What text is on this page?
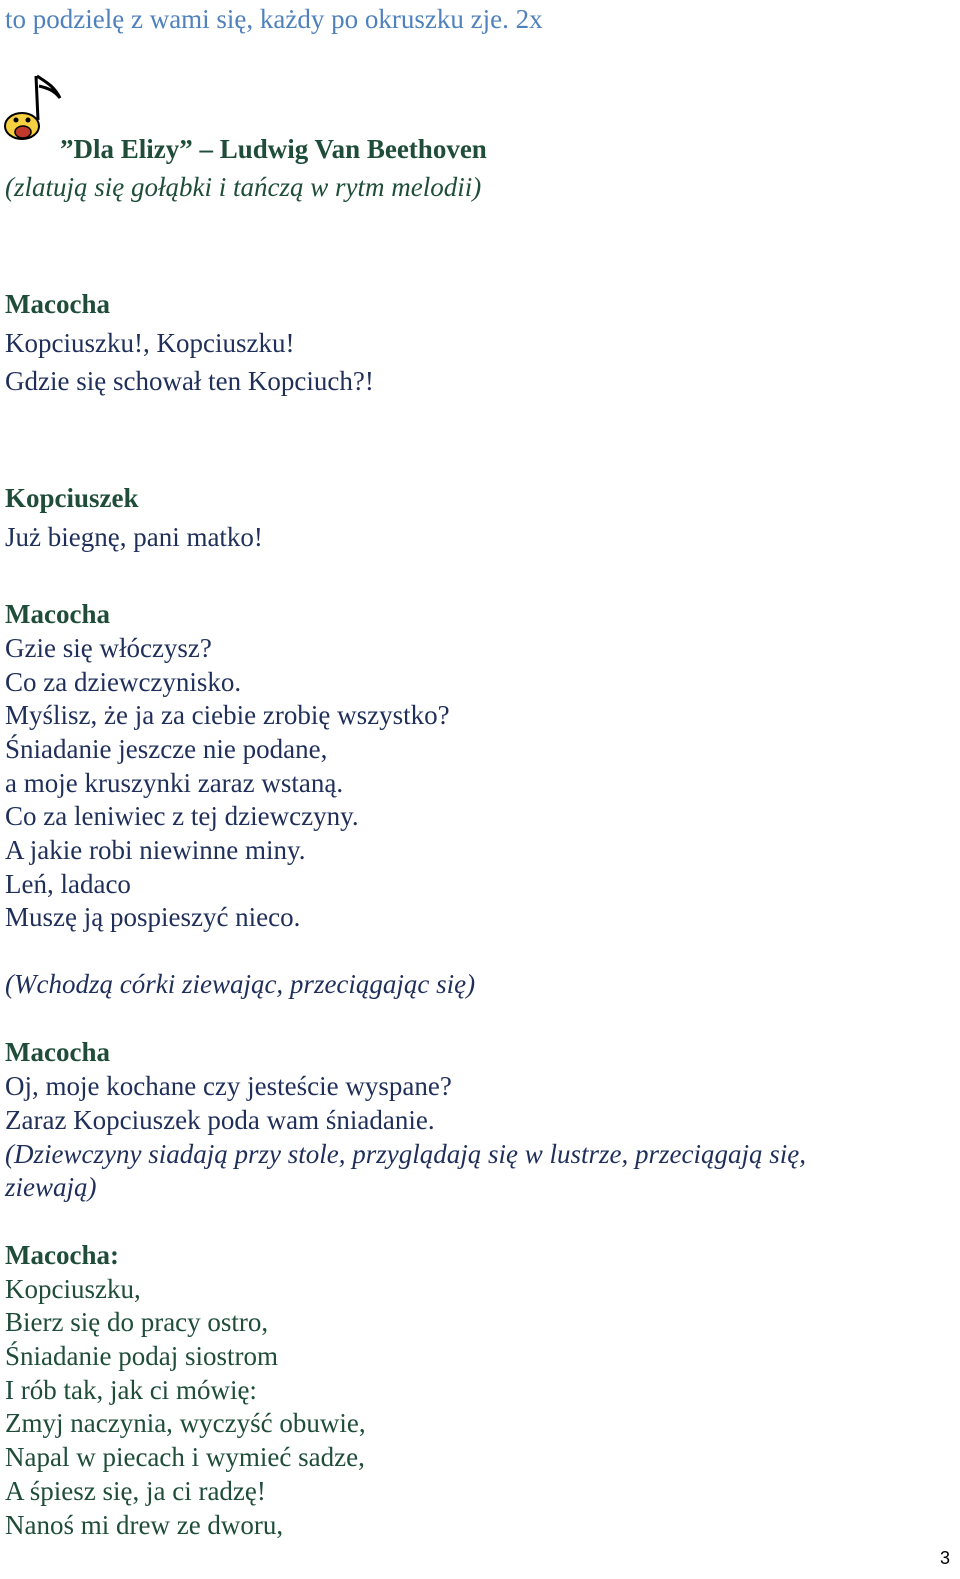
to podzielę z wami się, każdy po okruszku zje. 2x
”Dla Elizy” – Ludwig Van Beethoven
(zlatują się gołąbki i tańczą w rytm melodii)
Macocha
Kopciuszku!, Kopciuszku!
Gdzie się schował ten Kopciuch?!
Kopciuszek
Już biegnę, pani matko!
Macocha
Gzie się włóczysz?
Co za dziewczynisko.
Myślisz, że ja za ciebie zrobię wszystko?
Śniadanie jeszcze nie podane,
a moje kruszynki zaraz wstaną.
Co za leniwiec z tej dziewczyny.
A jakie robi niewinne miny.
Leń, ladaco
Muszę ją pospieszyć nieco.
(Wchodzą córki ziewając, przeciągając się)
Macocha
Oj, moje kochane czy jesteście wyspane?
Zaraz Kopciuszek poda wam śniadanie.
(Dziewczyny siadają przy stole, przyglądają się w lustrze, przeciągają się,
ziewają)
Macocha:
Kopciuszku,
Bierz się do pracy ostro,
Śniadanie podaj siostrom
I rób tak, jak ci mówię:
Zmyj naczynia, wyczyść obuwie,
Napal w piecach i wymieć sadze,
A śpiesz się, ja ci radzę!
Nanoś mi drew ze dworu,
3
